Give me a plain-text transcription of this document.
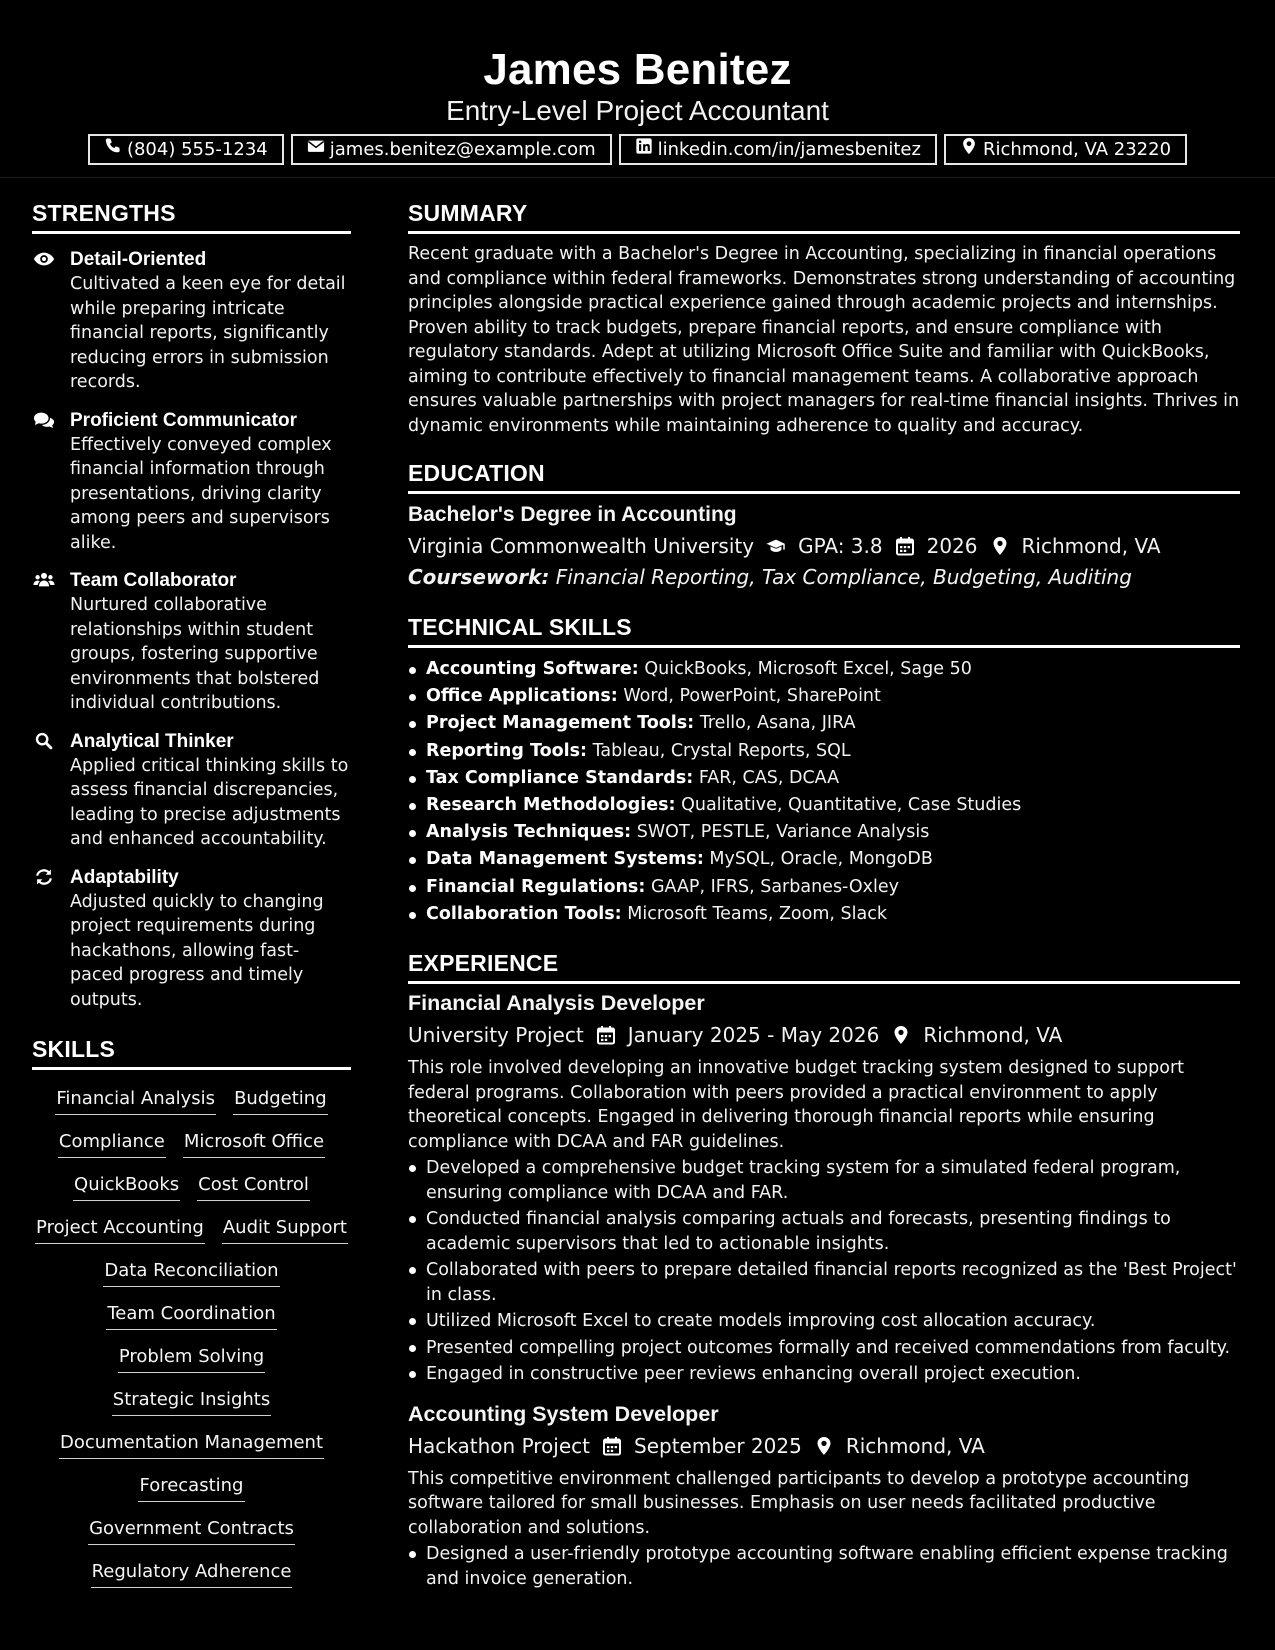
James Benitez
Entry-Level Project Accountant
(804) 555-1234	james.benitez@example.com	linkedin.com/in/jamesbenitez	Richmond, VA 23220
STRENGTHS
Detail-Oriented
Cultivated a keen eye for detail while preparing intricate financial reports, significantly reducing errors in submission records.
Proficient Communicator
Effectively conveyed complex financial information through presentations, driving clarity among peers and supervisors alike.
Team Collaborator
Nurtured collaborative relationships within student groups, fostering supportive environments that bolstered individual contributions.
Analytical Thinker
Applied critical thinking skills to assess financial discrepancies, leading to precise adjustments and enhanced accountability.
Adaptability
Adjusted quickly to changing project requirements during hackathons, allowing fast-paced progress and timely outputs.
SKILLS
Financial Analysis Budgeting
Compliance Microsoft Office
QuickBooks Cost Control
Project Accounting Audit Support
Data Reconciliation
Team Coordination
Problem Solving
Strategic Insights
Documentation Management
Forecasting
Government Contracts
Regulatory Adherence
SUMMARY
Recent graduate with a Bachelor's Degree in Accounting, specializing in financial operations and compliance within federal frameworks. Demonstrates strong understanding of accounting principles alongside practical experience gained through academic projects and internships. Proven ability to track budgets, prepare financial reports, and ensure compliance with regulatory standards. Adept at utilizing Microsoft Office Suite and familiar with QuickBooks, aiming to contribute effectively to financial management teams. A collaborative approach ensures valuable partnerships with project managers for real-time financial insights. Thrives in dynamic environments while maintaining adherence to quality and accuracy.
EDUCATION
Bachelor's Degree in Accounting
Virginia Commonwealth University GPA: 3.8 2026 Richmond, VA
Coursework: Financial Reporting, Tax Compliance, Budgeting, Auditing
TECHNICAL SKILLS
Accounting Software: QuickBooks, Microsoft Excel, Sage 50
Office Applications: Word, PowerPoint, SharePoint
Project Management Tools: Trello, Asana, JIRA
Reporting Tools: Tableau, Crystal Reports, SQL
Tax Compliance Standards: FAR, CAS, DCAA
Research Methodologies: Qualitative, Quantitative, Case Studies
Analysis Techniques: SWOT, PESTLE, Variance Analysis
Data Management Systems: MySQL, Oracle, MongoDB
Financial Regulations: GAAP, IFRS, Sarbanes-Oxley
Collaboration Tools: Microsoft Teams, Zoom, Slack
EXPERIENCE
Financial Analysis Developer
University Project January 2025 - May 2026 Richmond, VA
This role involved developing an innovative budget tracking system designed to support federal programs. Collaboration with peers provided a practical environment to apply theoretical concepts. Engaged in delivering thorough financial reports while ensuring compliance with DCAA and FAR guidelines.
Developed a comprehensive budget tracking system for a simulated federal program, ensuring compliance with DCAA and FAR.
Conducted financial analysis comparing actuals and forecasts, presenting findings to academic supervisors that led to actionable insights.
Collaborated with peers to prepare detailed financial reports recognized as the 'Best Project' in class.
Utilized Microsoft Excel to create models improving cost allocation accuracy.
Presented compelling project outcomes formally and received commendations from faculty.
Engaged in constructive peer reviews enhancing overall project execution.
Accounting System Developer
Hackathon Project September 2025 Richmond, VA
This competitive environment challenged participants to develop a prototype accounting software tailored for small businesses. Emphasis on user needs facilitated productive collaboration and solutions.
Designed a user-friendly prototype accounting software enabling efficient expense tracking and invoice generation.
